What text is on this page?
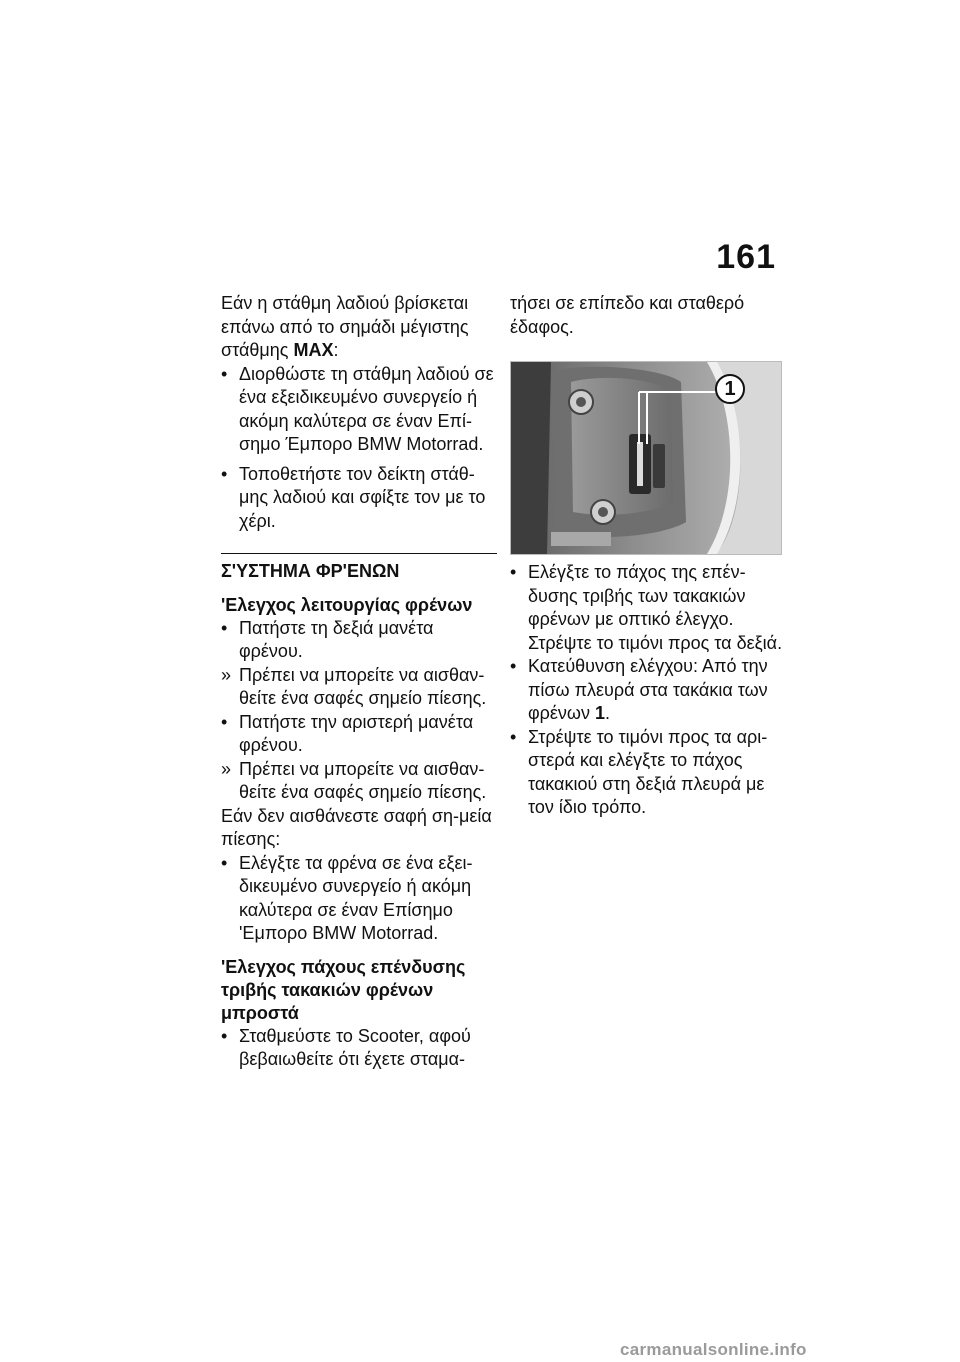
161

Εάν η στάθμη λαδιού βρίσκεται επάνω από το σημάδι μέγιστης στάθμης MAX:

• Διορθώστε τη στάθμη λαδιού σε ένα εξειδικευμένο συνεργείο ή ακόμη καλύτερα σε έναν Επί-σημο Έμπορο BMW Motorrad.
• Τοποθετήστε τον δείκτη στάθ-μης λαδιού και σφίξτε τον με το χέρι.
Σ'ΥΣΤΗΜΑ ΦΡ'ΕΝΩΝ
'Ελεγχος λειτουργίας φρένων
• Πατήστε τη δεξιά μανέτα φρένου.
» Πρέπει να μπορείτε να αισθαν-θείτε ένα σαφές σημείο πίεσης.
• Πατήστε την αριστερή μανέτα φρένου.
» Πρέπει να μπορείτε να αισθαν-θείτε ένα σαφές σημείο πίεσης.

Εάν δεν αισθάνεστε σαφή ση-μεία πίεσης:

• Ελέγξτε τα φρένα σε ένα εξει-δικευμένο συνεργείο ή ακόμη καλύτερα σε έναν Επίσημο 'Εμπορο BMW Motorrad.
'Ελεγχος πάχους επένδυσης τριβής τακακιών φρένων μπροστά
• Σταθμεύστε το Scooter, αφού βεβαιωθείτε ότι έχετε σταμα-

τήσει σε επίπεδο και σταθερό έδαφος.

1
• Ελέγξτε το πάχος της επέν-δυσης τριβής των τακακιών φρένων με οπτικό έλεγχο. Στρέψτε το τιμόνι προς τα δεξιά.
• Κατεύθυνση ελέγχου: Από την πίσω πλευρά στα τακάκια των φρένων 1.
• Στρέψτε το τιμόνι προς τα αρι-στερά και ελέγξτε το πάχος τακακιού στη δεξιά πλευρά με τον ίδιο τρόπο.
carmanualsonline.info
